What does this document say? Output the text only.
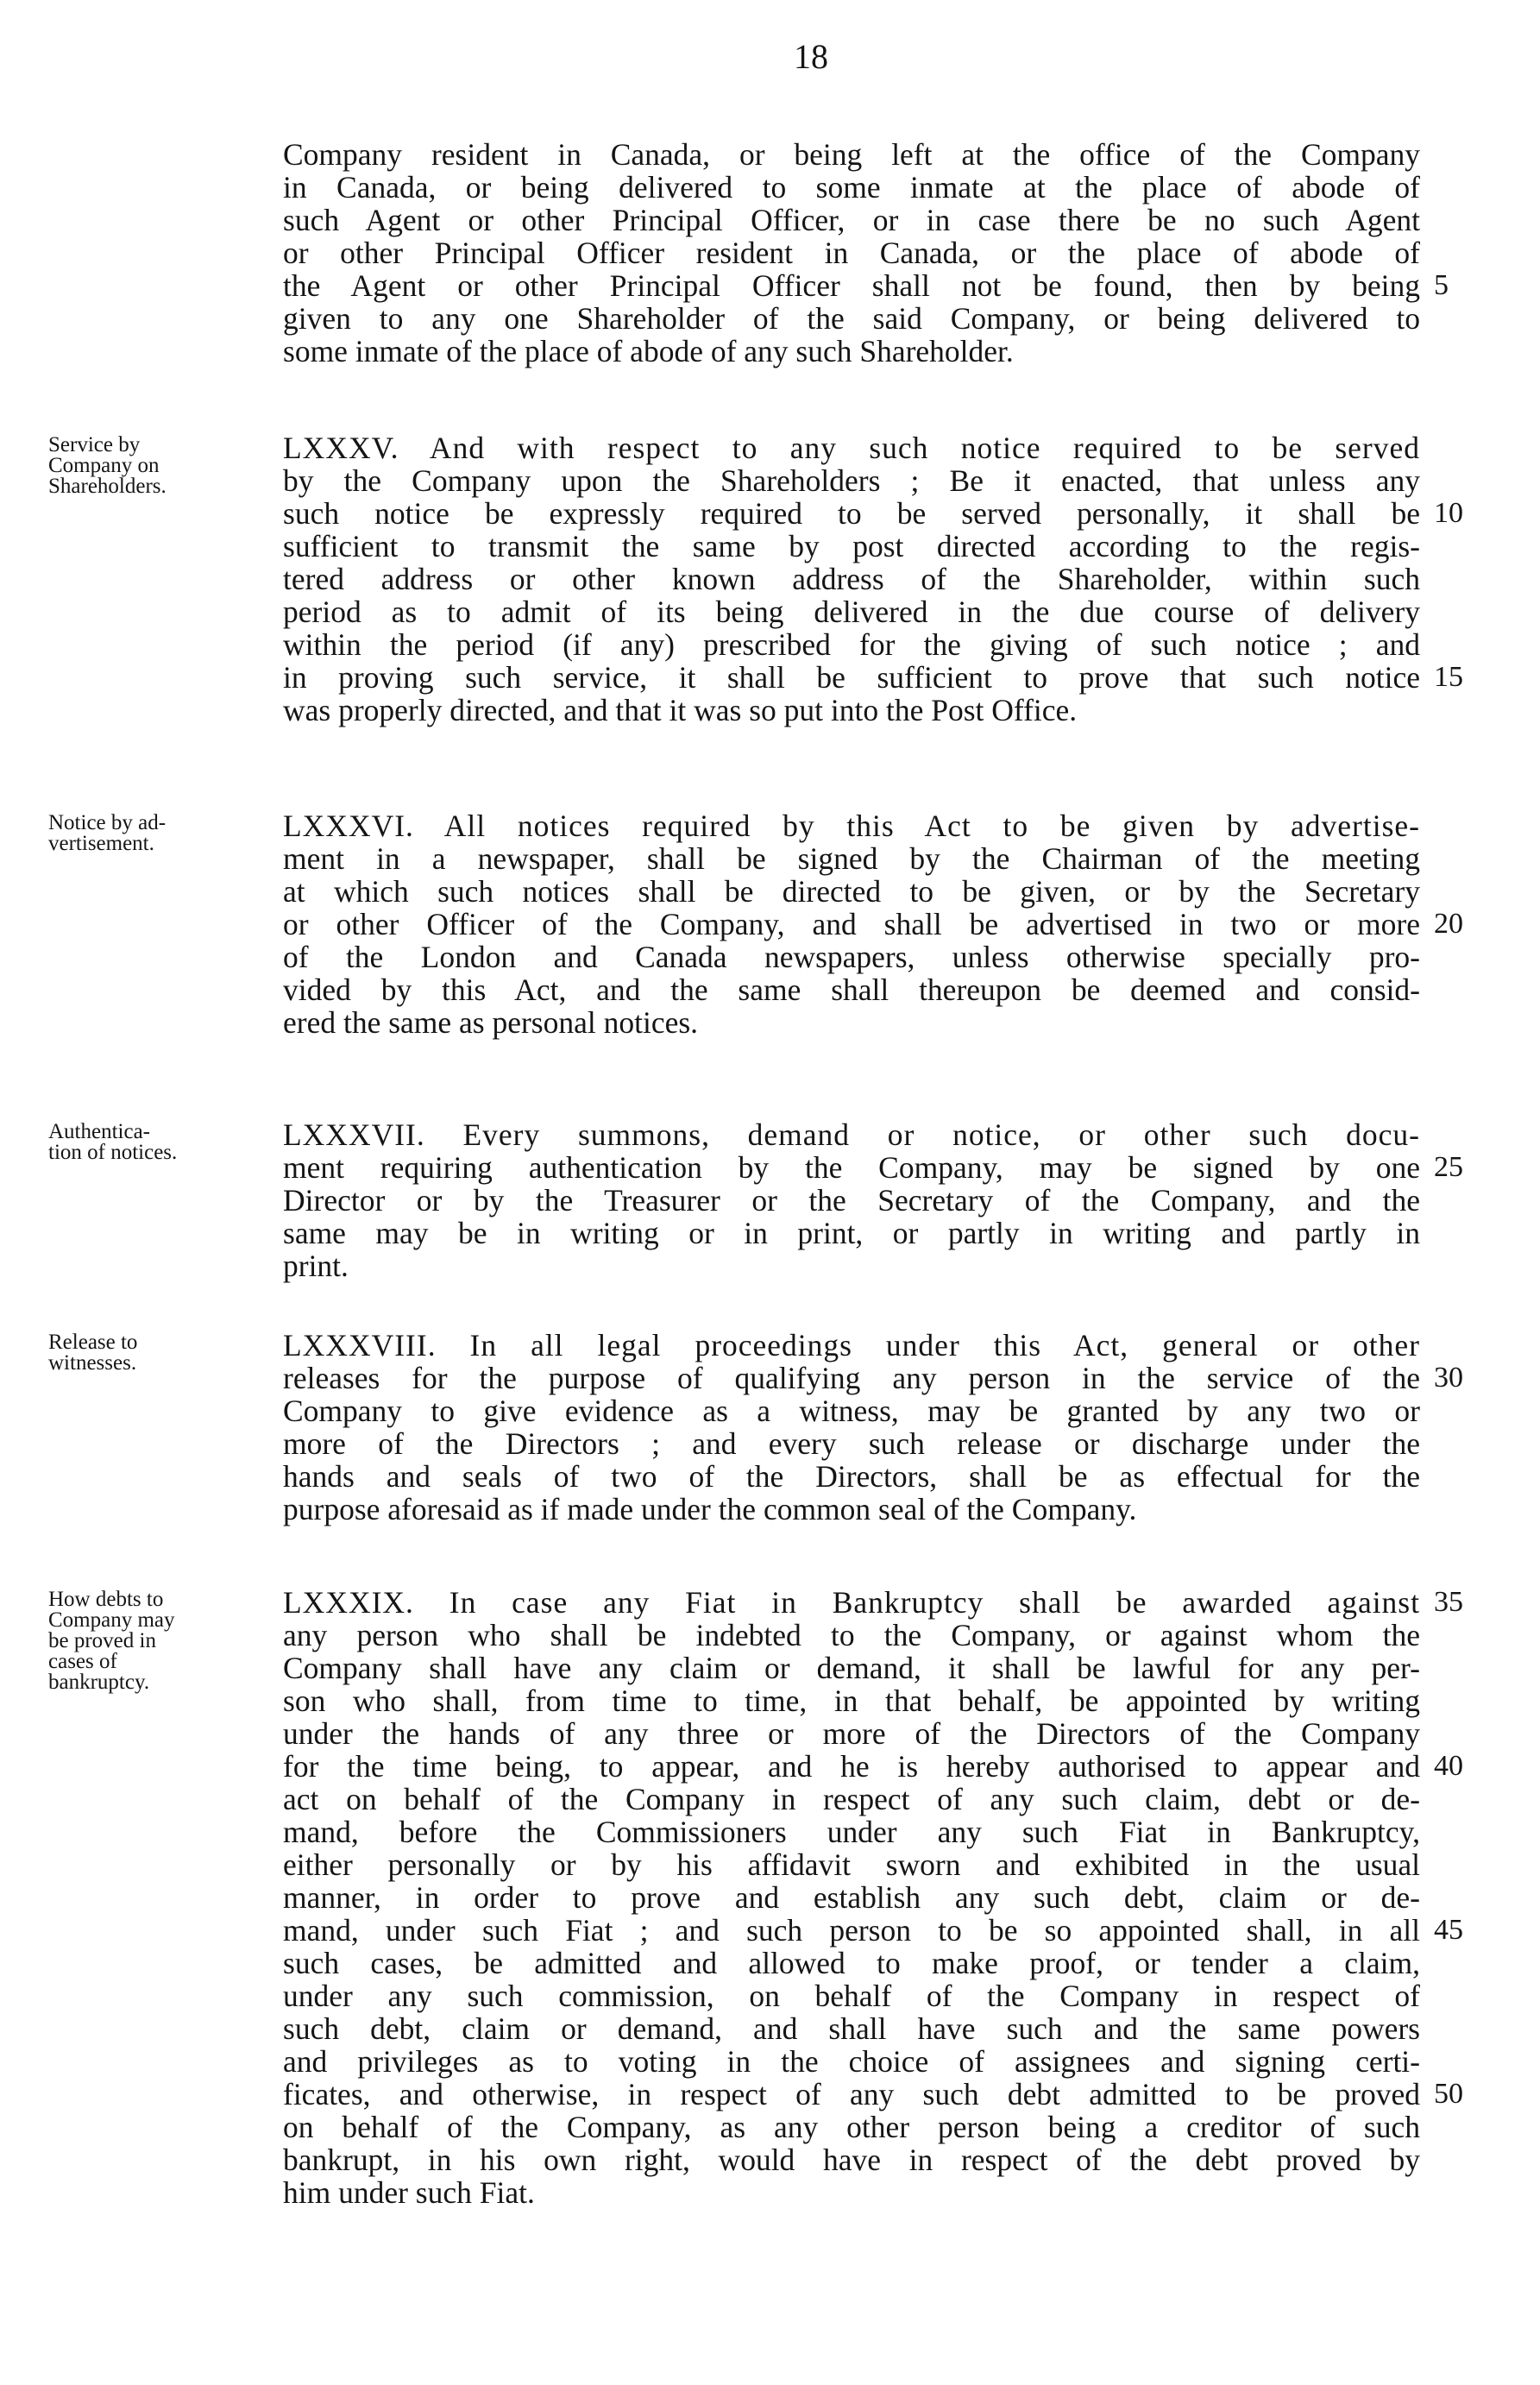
18
Company resident in Canada, or being left at the office of the Company
in Canada, or being delivered to some inmate at the place of abode of
such Agent or other Principal Officer, or in case there be no such Agent
or other Principal Officer resident in Canada, or the place of abode of
the Agent or other Principal Officer shall not be found, then by being
given to any one Shareholder of the said Company, or being delivered to
some inmate of the place of abode of any such Shareholder.
5
Service by
Company on
Shareholders.
LXXXV. And with respect to any such notice required to be served
by the Company upon the Shareholders ; Be it enacted, that unless any
such notice be expressly required to be served personally, it shall be
sufficient to transmit the same by post directed according to the regis-
tered address or other known address of the Shareholder, within such
period as to admit of its being delivered in the due course of delivery
within the period (if any) prescribed for the giving of such notice ; and
in proving such service, it shall be sufficient to prove that such notice
was properly directed, and that it was so put into the Post Office.
10
15
Notice by ad-
vertisement.
LXXXVI. All notices required by this Act to be given by advertise-
ment in a newspaper, shall be signed by the Chairman of the meeting
at which such notices shall be directed to be given, or by the Secretary
or other Officer of the Company, and shall be advertised in two or more
of the London and Canada newspapers, unless otherwise specially pro-
vided by this Act, and the same shall thereupon be deemed and consid-
ered the same as personal notices.
20
Authentica-
tion of notices.
LXXXVII. Every summons, demand or notice, or other such docu-
ment requiring authentication by the Company, may be signed by one
Director or by the Treasurer or the Secretary of the Company, and the
same may be in writing or in print, or partly in writing and partly in
print.
25
Release to
witnesses.
LXXXVIII. In all legal proceedings under this Act, general or other
releases for the purpose of qualifying any person in the service of the
Company to give evidence as a witness, may be granted by any two or
more of the Directors ; and every such release or discharge under the
hands and seals of two of the Directors, shall be as effectual for the
purpose aforesaid as if made under the common seal of the Company.
30
How debts to
Company may
be proved in
cases of
bankruptcy.
LXXXIX. In case any Fiat in Bankruptcy shall be awarded against
any person who shall be indebted to the Company, or against whom the
Company shall have any claim or demand, it shall be lawful for any per-
son who shall, from time to time, in that behalf, be appointed by writing
under the hands of any three or more of the Directors of the Company
for the time being, to appear, and he is hereby authorised to appear and
act on behalf of the Company in respect of any such claim, debt or de-
mand, before the Commissioners under any such Fiat in Bankruptcy,
either personally or by his affidavit sworn and exhibited in the usual
manner, in order to prove and establish any such debt, claim or de-
mand, under such Fiat ; and such person to be so appointed shall, in all
such cases, be admitted and allowed to make proof, or tender a claim,
under any such commission, on behalf of the Company in respect of
such debt, claim or demand, and shall have such and the same powers
and privileges as to voting in the choice of assignees and signing certi-
ficates, and otherwise, in respect of any such debt admitted to be proved
on behalf of the Company, as any other person being a creditor of such
bankrupt, in his own right, would have in respect of the debt proved by
him under such Fiat.
35
40
45
50
